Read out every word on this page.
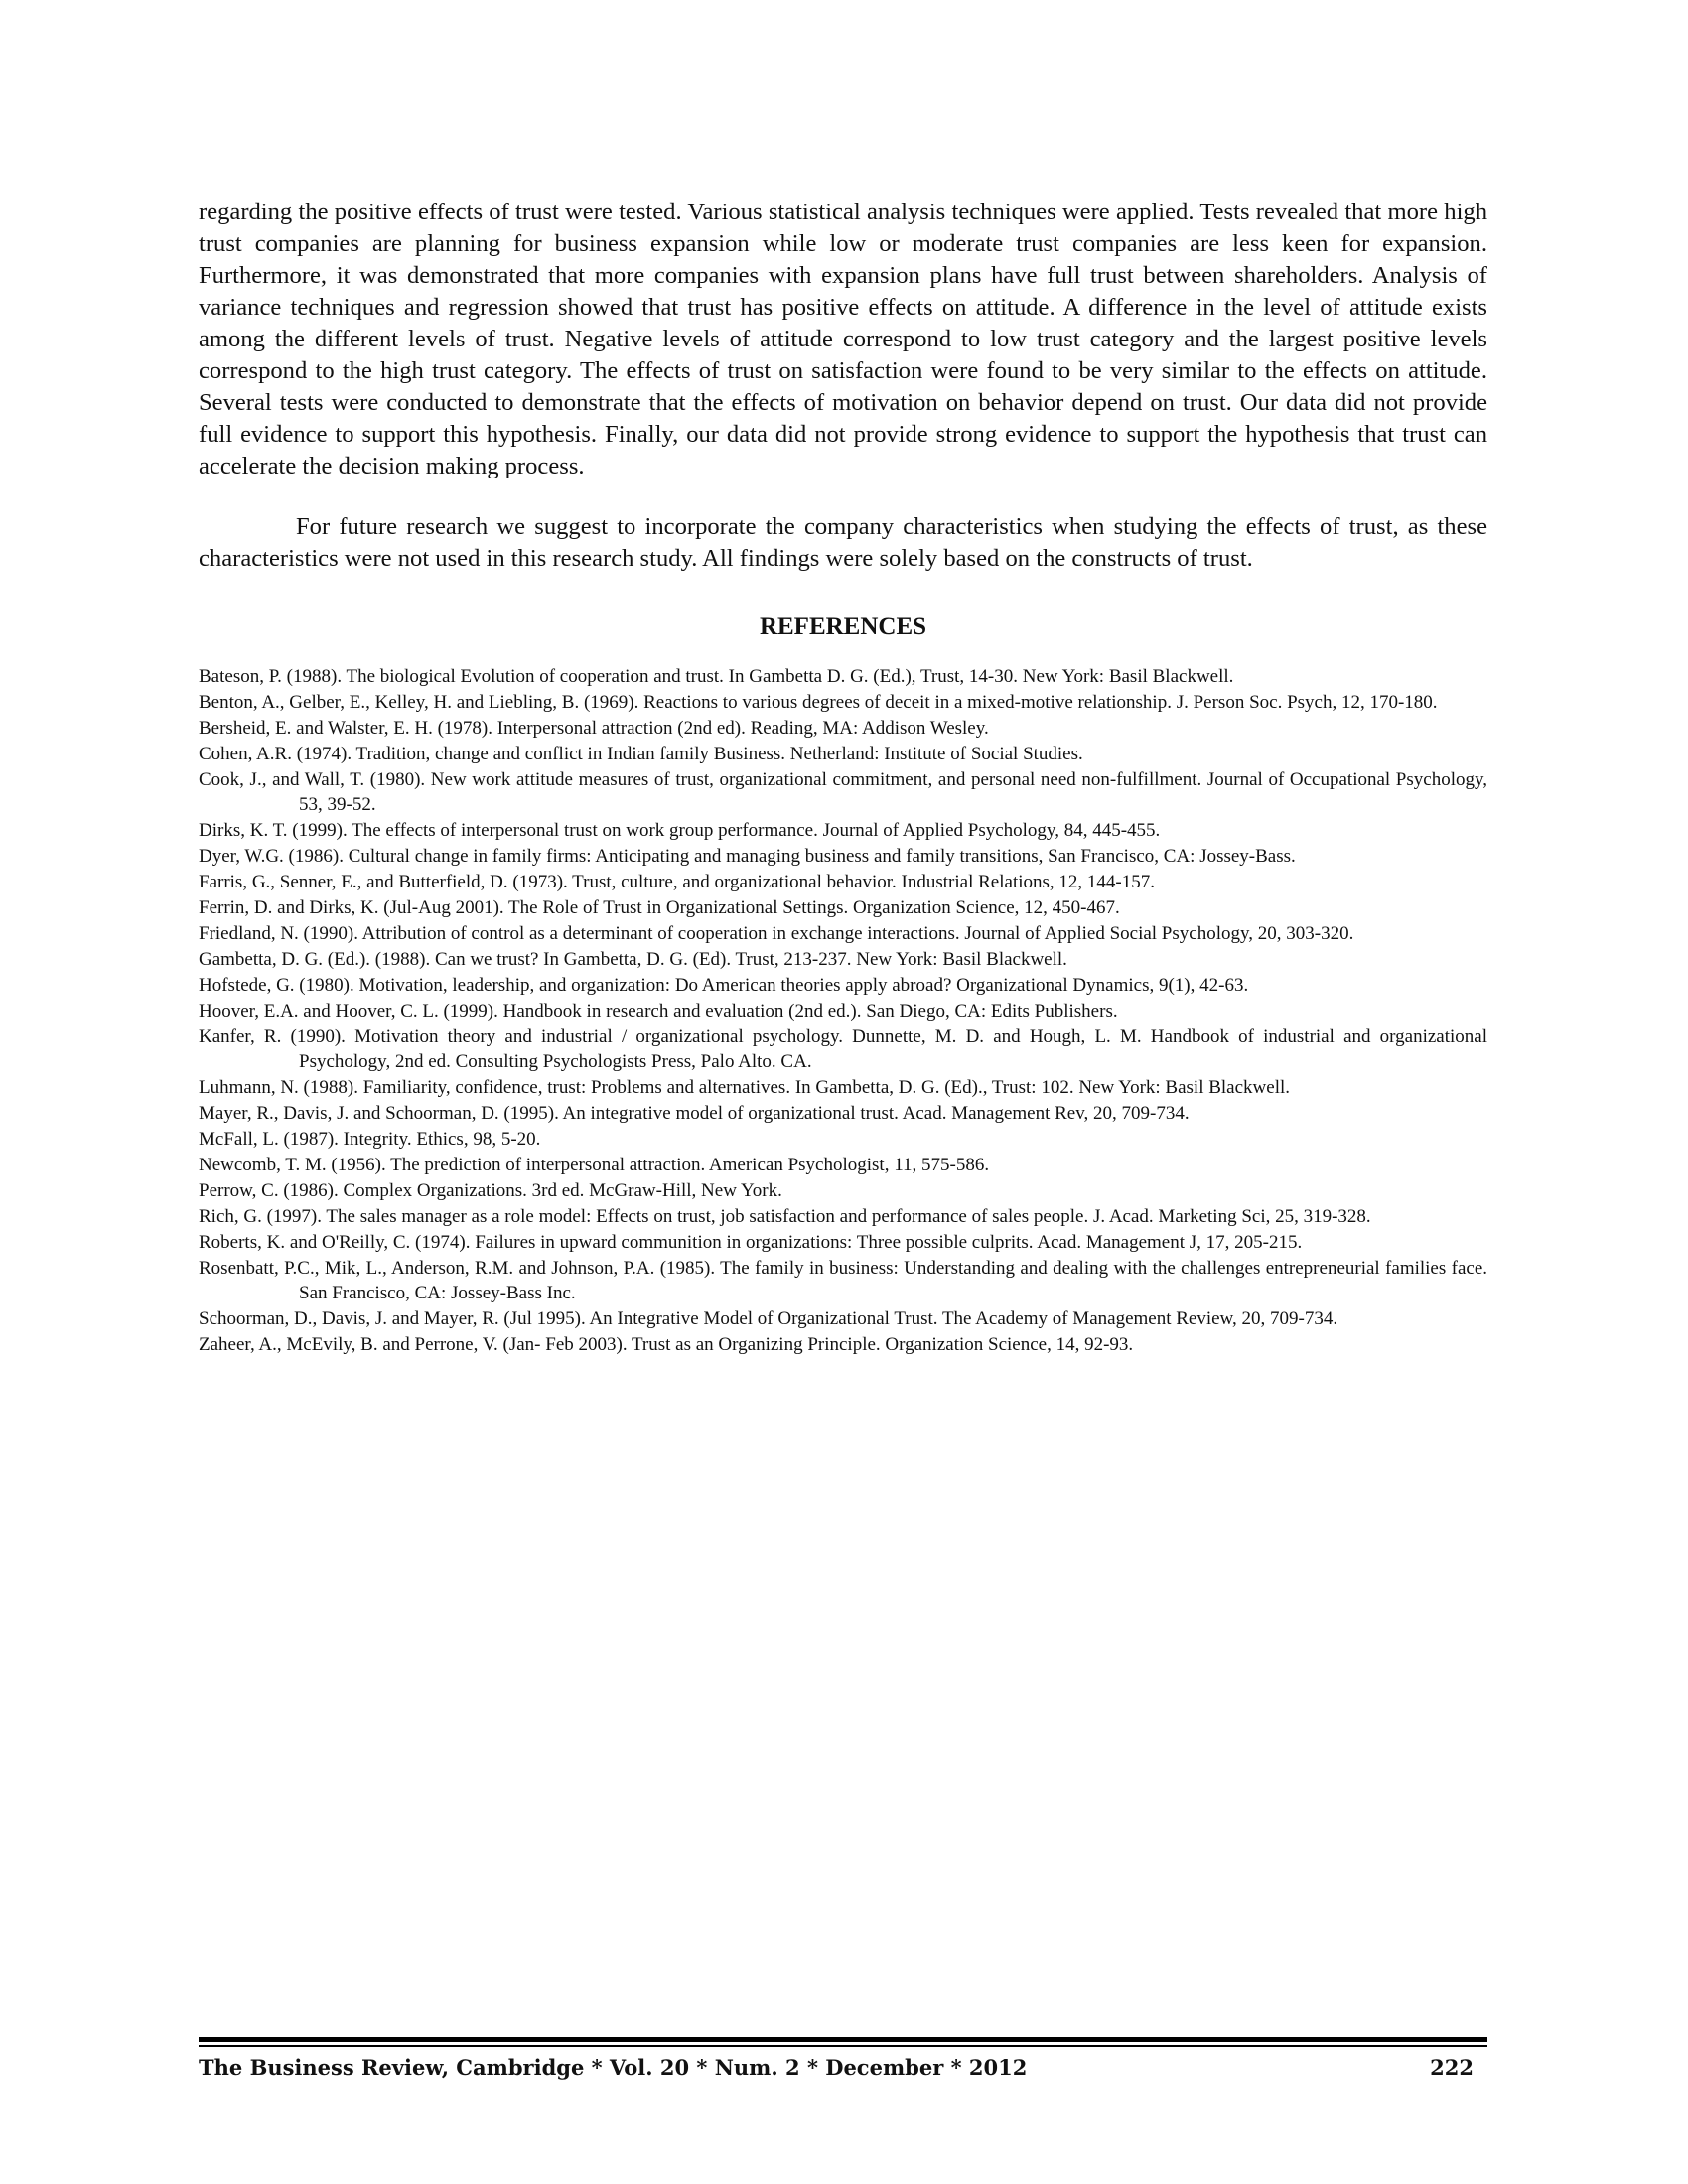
regarding the positive effects of trust were tested. Various statistical analysis techniques were applied. Tests revealed that more high trust companies are planning for business expansion while low or moderate trust companies are less keen for expansion. Furthermore, it was demonstrated that more companies with expansion plans have full trust between shareholders. Analysis of variance techniques and regression showed that trust has positive effects on attitude. A difference in the level of attitude exists among the different levels of trust. Negative levels of attitude correspond to low trust category and the largest positive levels correspond to the high trust category. The effects of trust on satisfaction were found to be very similar to the effects on attitude. Several tests were conducted to demonstrate that the effects of motivation on behavior depend on trust. Our data did not provide full evidence to support this hypothesis. Finally, our data did not provide strong evidence to support the hypothesis that trust can accelerate the decision making process.

For future research we suggest to incorporate the company characteristics when studying the effects of trust, as these characteristics were not used in this research study. All findings were solely based on the constructs of trust.

REFERENCES

Bateson, P. (1988). The biological Evolution of cooperation and trust. In Gambetta D. G. (Ed.), Trust, 14-30. New York: Basil Blackwell.

Benton, A., Gelber, E., Kelley, H. and Liebling, B. (1969). Reactions to various degrees of deceit in a mixed-motive relationship. J. Person Soc. Psych, 12, 170-180.

Bersheid, E. and Walster, E. H. (1978). Interpersonal attraction (2nd ed). Reading, MA: Addison Wesley.

Cohen, A.R. (1974). Tradition, change and conflict in Indian family Business. Netherland: Institute of Social Studies.

Cook, J., and Wall, T. (1980). New work attitude measures of trust, organizational commitment, and personal need non-fulfillment. Journal of Occupational Psychology, 53, 39-52.

Dirks, K. T. (1999). The effects of interpersonal trust on work group performance. Journal of Applied Psychology, 84, 445-455.

Dyer, W.G. (1986). Cultural change in family firms: Anticipating and managing business and family transitions, San Francisco, CA: Jossey-Bass.

Farris, G., Senner, E., and Butterfield, D. (1973). Trust, culture, and organizational behavior. Industrial Relations, 12, 144-157.

Ferrin, D. and Dirks, K. (Jul-Aug 2001). The Role of Trust in Organizational Settings. Organization Science, 12, 450-467.

Friedland, N. (1990). Attribution of control as a determinant of cooperation in exchange interactions. Journal of Applied Social Psychology, 20, 303-320.

Gambetta, D. G. (Ed.). (1988). Can we trust? In Gambetta, D. G. (Ed). Trust, 213-237. New York: Basil Blackwell.

Hofstede, G. (1980). Motivation, leadership, and organization: Do American theories apply abroad? Organizational Dynamics, 9(1), 42-63.

Hoover, E.A. and Hoover, C. L. (1999). Handbook in research and evaluation (2nd ed.). San Diego, CA: Edits Publishers.

Kanfer, R. (1990). Motivation theory and industrial / organizational psychology. Dunnette, M. D. and Hough, L. M. Handbook of industrial and organizational Psychology, 2nd ed. Consulting Psychologists Press, Palo Alto. CA.

Luhmann, N. (1988). Familiarity, confidence, trust: Problems and alternatives. In Gambetta, D. G. (Ed)., Trust: 102. New York: Basil Blackwell.

Mayer, R., Davis, J. and Schoorman, D. (1995). An integrative model of organizational trust. Acad. Management Rev, 20, 709-734.

McFall, L. (1987). Integrity. Ethics, 98, 5-20.

Newcomb, T. M. (1956). The prediction of interpersonal attraction. American Psychologist, 11, 575-586.

Perrow, C. (1986). Complex Organizations. 3rd ed. McGraw-Hill, New York.

Rich, G. (1997). The sales manager as a role model: Effects on trust, job satisfaction and performance of sales people. J. Acad. Marketing Sci, 25, 319-328.

Roberts, K. and O'Reilly, C. (1974). Failures in upward communition in organizations: Three possible culprits. Acad. Management J, 17, 205-215.

Rosenbatt, P.C., Mik, L., Anderson, R.M. and Johnson, P.A. (1985). The family in business: Understanding and dealing with the challenges entrepreneurial families face. San Francisco, CA: Jossey-Bass Inc.

Schoorman, D., Davis, J. and Mayer, R. (Jul 1995). An Integrative Model of Organizational Trust. The Academy of Management Review, 20, 709-734.

Zaheer, A., McEvily, B. and Perrone, V. (Jan- Feb 2003). Trust as an Organizing Principle. Organization Science, 14, 92-93.

The Business Review, Cambridge * Vol. 20 * Num. 2 * December * 2012	222
